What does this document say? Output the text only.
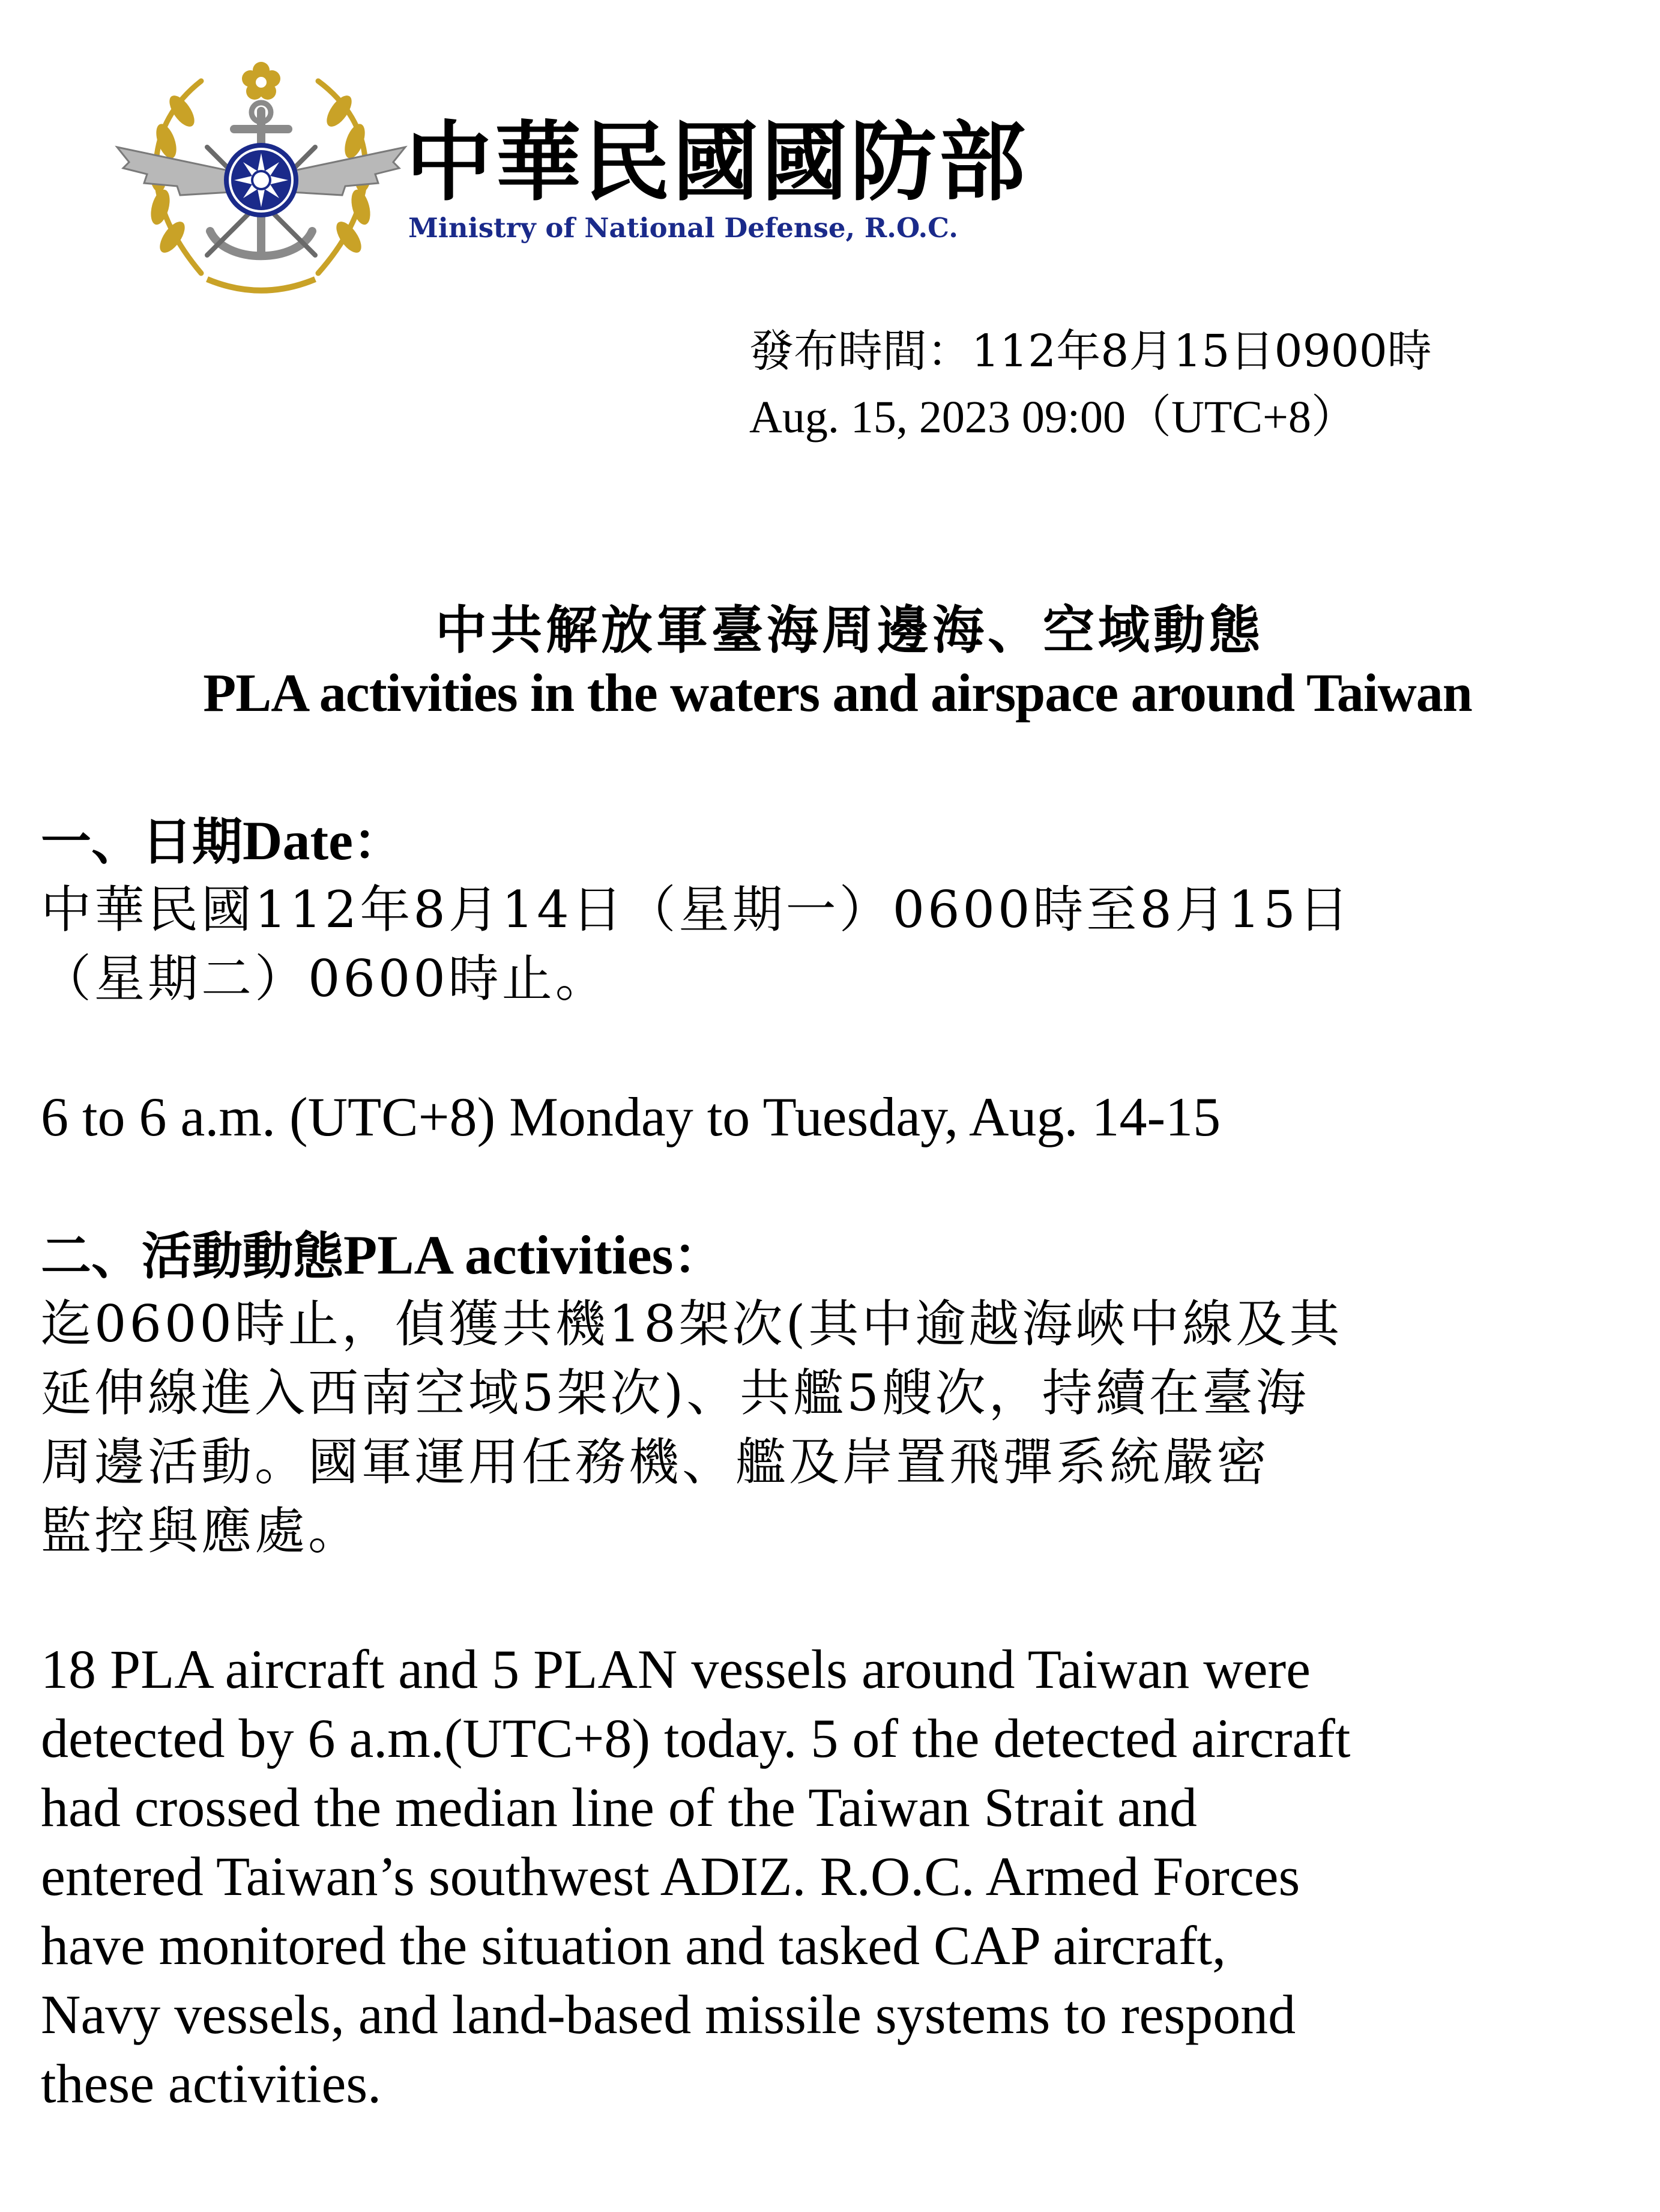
中華民國國防部
Ministry of National Defense, R.O.C.
發布時間：112年8月15日0900時
Aug. 15, 2023 09:00（UTC+8）
中共解放軍臺海周邊海、空域動態
PLA activities in the waters and airspace around Taiwan
一、日期Date：
中華民國112年8月14日（星期一）0600時至8月15日
（星期二）0600時止。
6 to 6 a.m. (UTC+8) Monday to Tuesday, Aug. 14-15
二、活動動態PLA activities：
迄0600時止，偵獲共機18架次(其中逾越海峽中線及其
延伸線進入西南空域5架次)、共艦5艘次，持續在臺海
周邊活動。國軍運用任務機、艦及岸置飛彈系統嚴密
監控與應處。
18 PLA aircraft and 5 PLAN vessels around Taiwan were
detected by 6 a.m.(UTC+8) today. 5 of the detected aircraft
had crossed the median line of the Taiwan Strait and
entered Taiwan’s southwest ADIZ. R.O.C. Armed Forces
have monitored the situation and tasked CAP aircraft,
Navy vessels, and land-based missile systems to respond
these activities.
